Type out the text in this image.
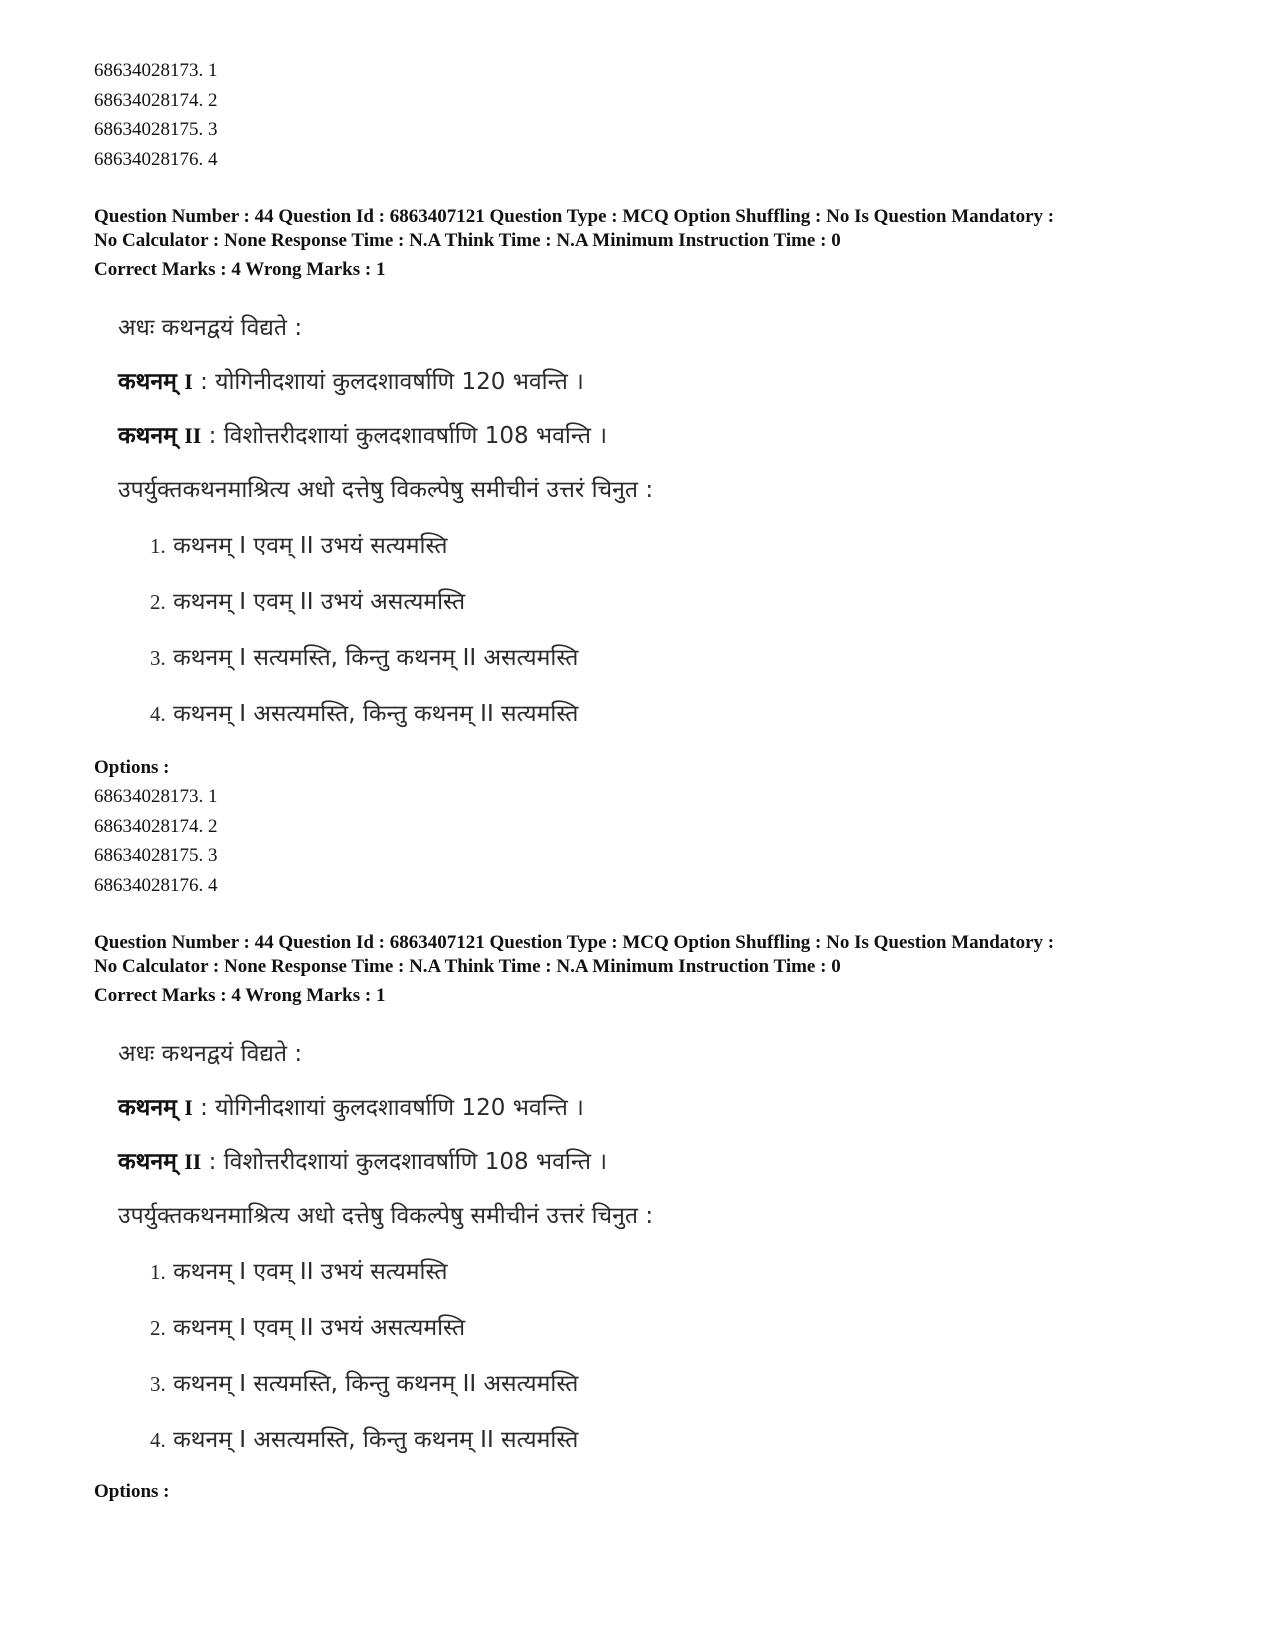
68634028173. 1
68634028174. 2
68634028175. 3
68634028176. 4
Question Number : 44 Question Id : 6863407121 Question Type : MCQ Option Shuffling : No Is Question Mandatory :
No Calculator : None Response Time : N.A Think Time : N.A Minimum Instruction Time : 0
Correct Marks : 4 Wrong Marks : 1
अधः कथनद्वयं विद्यते :
कथनम् I : योगिनीदशायां कुलदशावर्षाणि 120 भवन्ति ।
कथनम् II : विशोत्तरीदशायां कुलदशावर्षाणि 108 भवन्ति ।
उपर्युक्तकथनमाश्रित्य अधो दत्तेषु विकल्पेषु समीचीनं उत्तरं चिनुत :
1. कथनम् I एवम् II उभयं सत्यमस्ति
2. कथनम् I एवम् II उभयं असत्यमस्ति
3. कथनम् I सत्यमस्ति, किन्तु कथनम् II असत्यमस्ति
4. कथनम् I असत्यमस्ति, किन्तु कथनम् II सत्यमस्ति
Options :
68634028173. 1
68634028174. 2
68634028175. 3
68634028176. 4
Question Number : 44 Question Id : 6863407121 Question Type : MCQ Option Shuffling : No Is Question Mandatory :
No Calculator : None Response Time : N.A Think Time : N.A Minimum Instruction Time : 0
Correct Marks : 4 Wrong Marks : 1
अधः कथनद्वयं विद्यते :
कथनम् I : योगिनीदशायां कुलदशावर्षाणि 120 भवन्ति ।
कथनम् II : विशोत्तरीदशायां कुलदशावर्षाणि 108 भवन्ति ।
उपर्युक्तकथनमाश्रित्य अधो दत्तेषु विकल्पेषु समीचीनं उत्तरं चिनुत :
1. कथनम् I एवम् II उभयं सत्यमस्ति
2. कथनम् I एवम् II उभयं असत्यमस्ति
3. कथनम् I सत्यमस्ति, किन्तु कथनम् II असत्यमस्ति
4. कथनम् I असत्यमस्ति, किन्तु कथनम् II सत्यमस्ति
Options :
